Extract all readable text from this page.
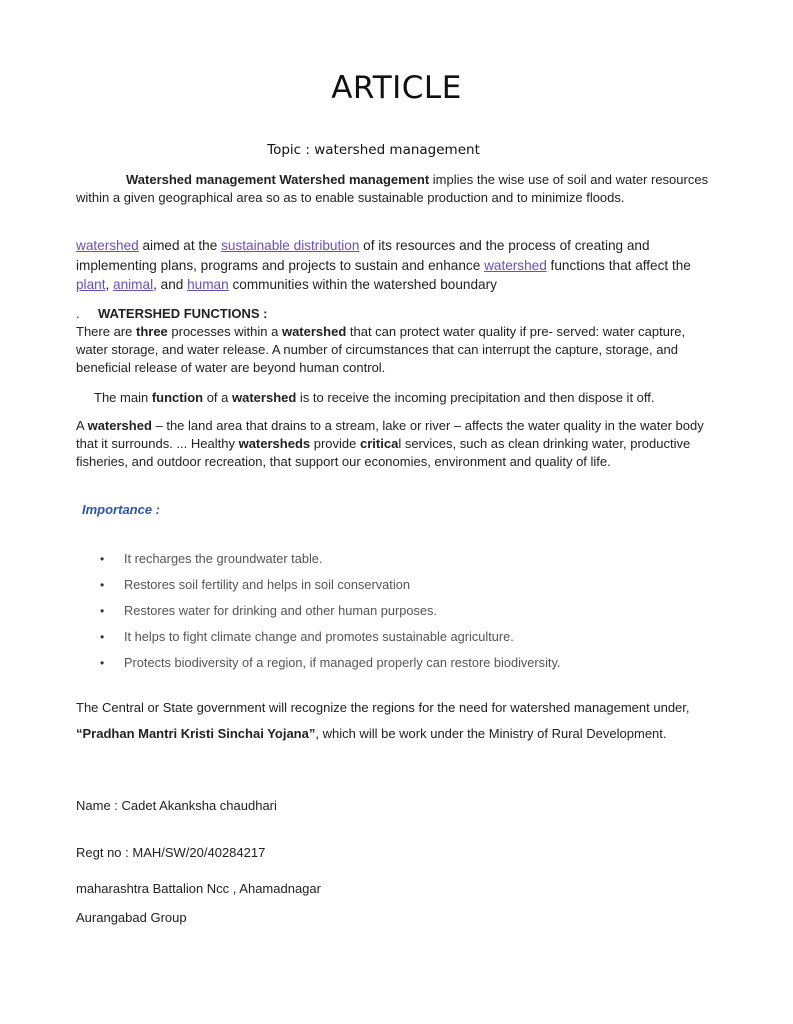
ARTICLE
Topic : watershed management
Watershed management Watershed management implies the wise use of soil and water resources within a given geographical area so as to enable sustainable production and to minimize floods.
watershed aimed at the sustainable distribution of its resources and the process of creating and implementing plans, programs and projects to sustain and enhance watershed functions that affect the plant, animal, and human communities within the watershed boundary
. WATERSHED FUNCTIONS :
There are three processes within a watershed that can protect water quality if pre- served: water capture, water storage, and water release. A number of circumstances that can interrupt the capture, storage, and beneficial release of water are beyond human control.
The main function of a watershed is to receive the incoming precipitation and then dispose it off.
A watershed – the land area that drains to a stream, lake or river – affects the water quality in the water body that it surrounds. ... Healthy watersheds provide critical services, such as clean drinking water, productive fisheries, and outdoor recreation, that support our economies, environment and quality of life.
Importance :
• It recharges the groundwater table.
• Restores soil fertility and helps in soil conservation
• Restores water for drinking and other human purposes.
• It helps to fight climate change and promotes sustainable agriculture.
• Protects biodiversity of a region, if managed properly can restore biodiversity.
The Central or State government will recognize the regions for the need for watershed management under, “Pradhan Mantri Kristi Sinchai Yojana”, which will be work under the Ministry of Rural Development.
Name : Cadet Akanksha chaudhari
Regt no : MAH/SW/20/40284217
maharashtra Battalion Ncc , Ahamadnagar
Aurangabad Group
